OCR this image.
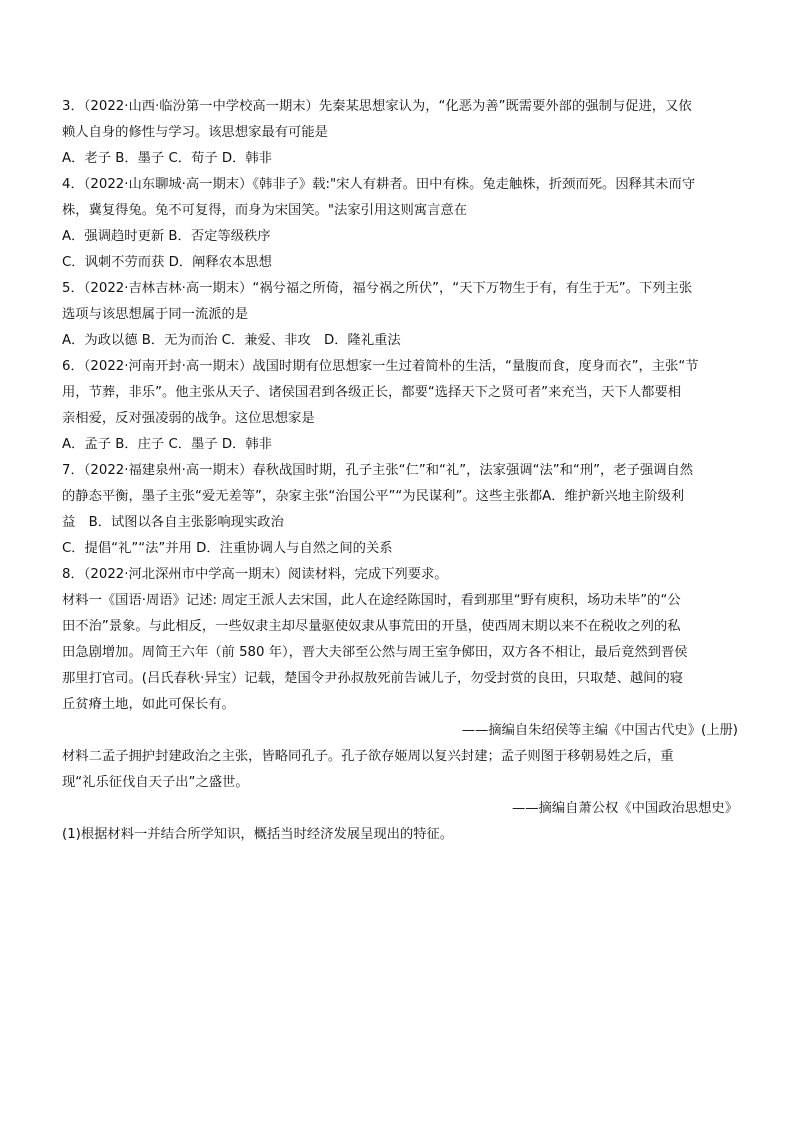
3．（2022·山西·临汾第一中学校高一期末）先秦某思想家认为，“化恶为善”既需要外部的强制与促进，又依
赖人自身的修性与学习。该思想家最有可能是
A．老子 B．墨子 C．荀子 D．韩非
4．（2022·山东聊城·高一期末）《韩非子》载:"宋人有耕者。田中有株。兔走触株，折颈而死。因释其未而守
株，冀复得兔。兔不可复得，而身为宋国笑。"法家引用这则寓言意在
A．强调趋时更新 B．否定等级秩序
C．讽刺不劳而获 D．阐释农本思想
5．（2022·吉林吉林·高一期末）“祸兮福之所倚，福兮祸之所伏”，“天下万物生于有，有生于无”。下列主张
选项与该思想属于同一流派的是
A．为政以德 B．无为而治 C．兼爱、非攻　D．隆礼重法
6．（2022·河南开封·高一期末）战国时期有位思想家一生过着简朴的生活，“量腹而食，度身而衣”，主张“节
用，节葬，非乐”。他主张从天子、诸侯国君到各级正长，都要“选择天下之贤可者”来充当，天下人都要相
亲相爱，反对强凌弱的战争。这位思想家是
A．孟子 B．庄子 C．墨子 D．韩非
7．（2022·福建泉州·高一期末）春秋战国时期，孔子主张“仁”和“礼”，法家强调“法”和“刑”，老子强调自然
的静态平衡，墨子主张“爱无差等”，杂家主张“治国公平”“为民谋利”。这些主张都A．维护新兴地主阶级利
益　B．试图以各自主张影响现实政治
C．提倡“礼”“法”并用 D．注重协调人与自然之间的关系
8．（2022·河北深州市中学高一期末）阅读材料，完成下列要求。
材料一《国语·周语》记述: 周定王派人去宋国，此人在途经陈国时，看到那里“野有庾积，场功未毕”的“公
田不治”景象。与此相反，一些奴隶主却尽量驱使奴隶从事荒田的开垦，使西周末期以来不在税收之列的私
田急剧增加。周简王六年（前 580 年），晋大夫郤至公然与周王室争鄇田，双方各不相让，最后竟然到晋侯
那里打官司。(吕氏春秋·异宝）记载，楚国令尹孙叔敖死前告诫儿子，勿受封赏的良田，只取楚、越间的寝
丘贫瘠土地，如此可保长有。
——摘编自朱绍侯等主编《中国古代史》(上册)
材料二孟子拥护封建政治之主张，皆略同孔子。孔子欲存姬周以复兴封建；孟子则图于移朝易姓之后，重
现“礼乐征伐自天子出”之盛世。
——摘编自萧公权《中国政治思想史》
(1)根据材料一并结合所学知识，概括当时经济发展呈现出的特征。
